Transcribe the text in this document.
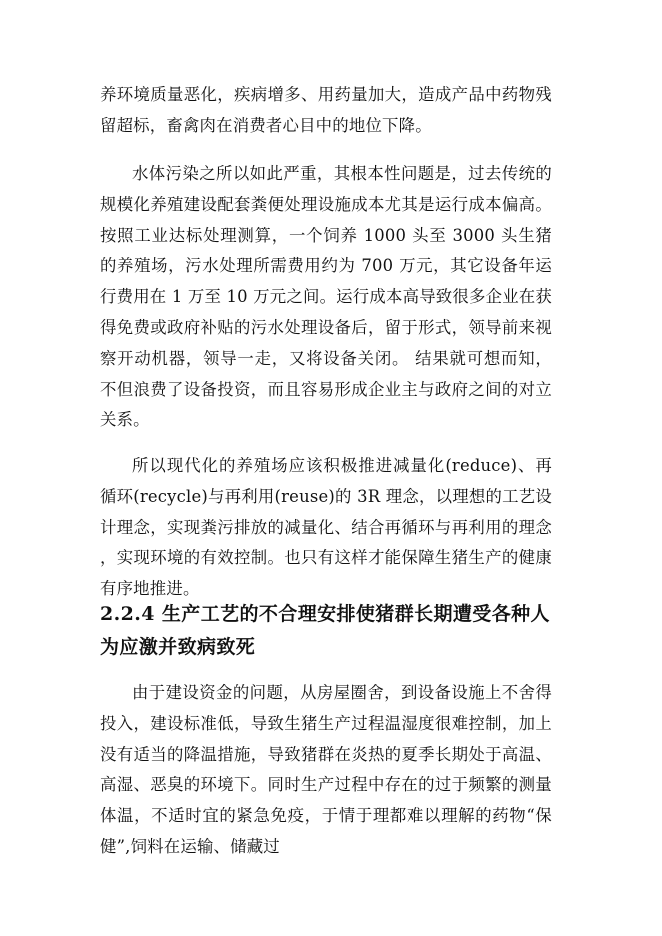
养环境质量恶化，疾病增多、用药量加大，造成产品中药物残留超标，畜禽肉在消费者心目中的地位下降。

水体污染之所以如此严重，其根本性问题是，过去传统的规模化养殖建设配套粪便处理设施成本尤其是运行成本偏高。按照工业达标处理测算，一个饲养 1000 头至 3000 头生猪的养殖场，污水处理所需费用约为 700 万元，其它设备年运行费用在 1 万至 10 万元之间。运行成本高导致很多企业在获得免费或政府补贴的污水处理设备后，留于形式，领导前来视察开动机器，领导一走，又将设备关闭。 结果就可想而知，不但浪费了设备投资，而且容易形成企业主与政府之间的对立关系。

所以现代化的养殖场应该积极推进减量化(reduce)、再循环(recycle)与再利用(reuse)的 3R 理念，以理想的工艺设计理念，实现粪污排放的减量化、结合再循环与再利用的理念，实现环境的有效控制。也只有这样才能保障生猪生产的健康有序地推进。

2.2.4 生产工艺的不合理安排使猪群长期遭受各种人为应激并致病致死

由于建设资金的问题，从房屋圈舍，到设备设施上不舍得投入，建设标准低，导致生猪生产过程温湿度很难控制，加上没有适当的降温措施，导致猪群在炎热的夏季长期处于高温、高湿、恶臭的环境下。同时生产过程中存在的过于频繁的测量体温，不适时宜的紧急免疫，于情于理都难以理解的药物“保健”,饲料在运输、储藏过
